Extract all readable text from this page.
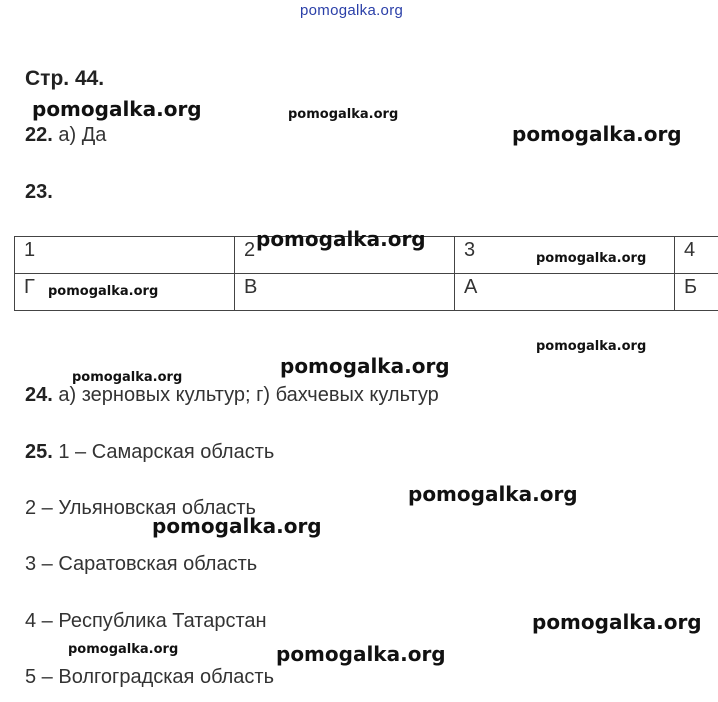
pomogalka.org
Стр. 44.
22. а) Да
23.
1	2	3	4
Г	В	А	Б
24. а) зерновых культур; г) бахчевых культур
25. 1 – Самарская область
2 – Ульяновская область
3 – Саратовская область
4 – Республика Татарстан
5 – Волгоградская область
pomogalka.org	pomogalka.org
pomogalka.org
pomogalka.org
pomogalka.org
pomogalka.org
pomogalka.org
pomogalka.org
pomogalka.org
pomogalka.org
pomogalka.org
pomogalka.org
pomogalka.org	pomogalka.org
